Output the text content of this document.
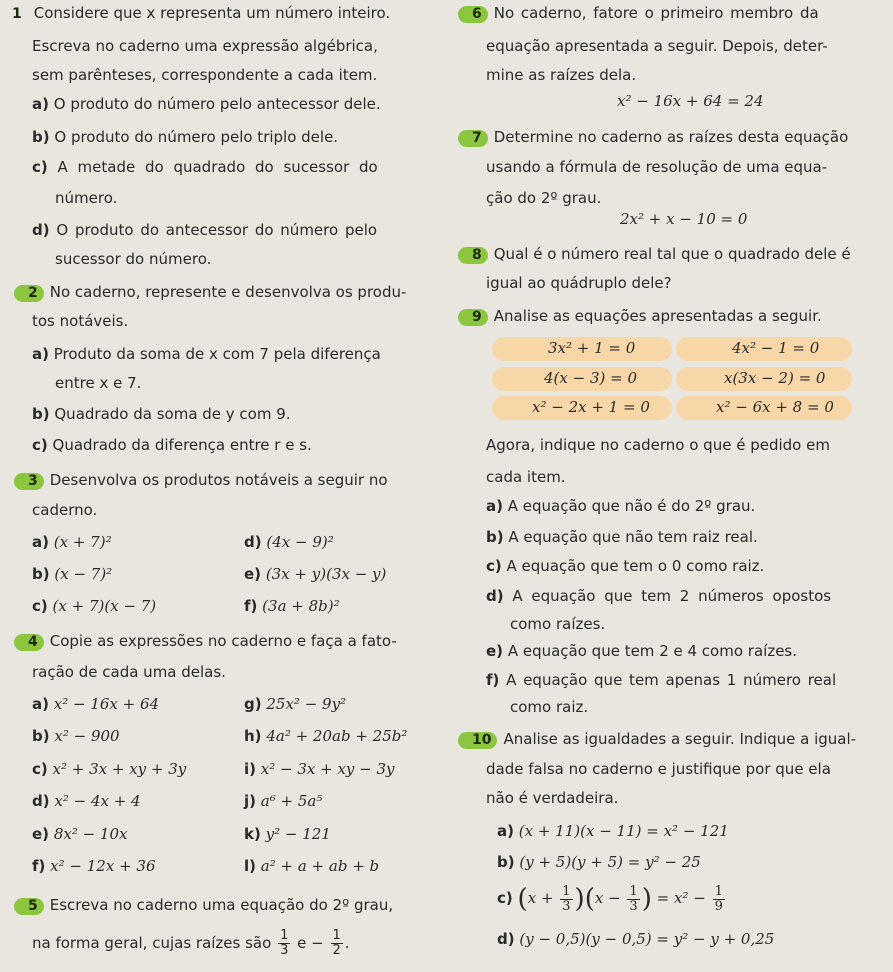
1 Considere que x representa um número inteiro.
Escreva no caderno uma expressão algébrica,
sem parênteses, correspondente a cada item.
a) O produto do número pelo antecessor dele.
b) O produto do número pelo triplo dele.
c) A metade do quadrado do sucessor do
número.
d) O produto do antecessor do número pelo
sucessor do número.
2 No caderno, represente e desenvolva os produ-
tos notáveis.
a) Produto da soma de x com 7 pela diferença
entre x e 7.
b) Quadrado da soma de y com 9.
c) Quadrado da diferença entre r e s.
3 Desenvolva os produtos notáveis a seguir no
caderno.
a) (x + 7)²
b) (x − 7)²
c) (x + 7)(x − 7)
d) (4x − 9)²
e) (3x + y)(3x − y)
f) (3a + 8b)²
4 Copie as expressões no caderno e faça a fato-
ração de cada uma delas.
a) x² − 16x + 64
b) x² − 900
c) x² + 3x + xy + 3y
d) x² − 4x + 4
e) 8x² − 10x
f) x² − 12x + 36
g) 25x² − 9y²
h) 4a² + 20ab + 25b²
i) x² − 3x + xy − 3y
j) a⁶ + 5a⁵
k) y² − 121
l) a² + a + ab + b
5 Escreva no caderno uma equação do 2º grau,
na forma geral, cujas raízes são $\frac{1}{3}$ $e - \frac{1}{2}$ .
6 No caderno, fatore o primeiro membro da
equação apresentada a seguir. Depois, deter-
mine as raízes dela.
x² − 16x + 64 = 24
7 Determine no caderno as raízes desta equação
usando a fórmula de resolução de uma equa-
ção do 2º grau.
2x² + x − 10 = 0
8 Qual é o número real tal que o quadrado dele é
igual ao quádruplo dele?
9 Analise as equações apresentadas a seguir.
3x² + 1 = 0	4x² − 1 = 0
4(x − 3) = 0	x(3x − 2) = 0
x² − 2x + 1 = 0	x² − 6x + 8 = 0
Agora, indique no caderno o que é pedido em
cada item.
a) A equação que não é do 2º grau.
b) A equação que não tem raiz real.
c) A equação que tem o 0 como raiz.
d) A equação que tem 2 números opostos
como raízes.
e) A equação que tem 2 e 4 como raízes.
f) A equação que tem apenas 1 número real
como raiz.
10 Analise as igualdades a seguir. Indique a igual-
dade falsa no caderno e justifique por que ela
não é verdadeira.
a) (x + 11)(x − 11) = x² − 121
b) (y + 5)(y + 5) = y² − 25
c) $(x + \frac{1}{3} )(x - \frac{1}{3}$ ) = $x^2 - \frac{1}{9}$
d) (y − 0,5)(y − 0,5) = y² − y + 0,25
